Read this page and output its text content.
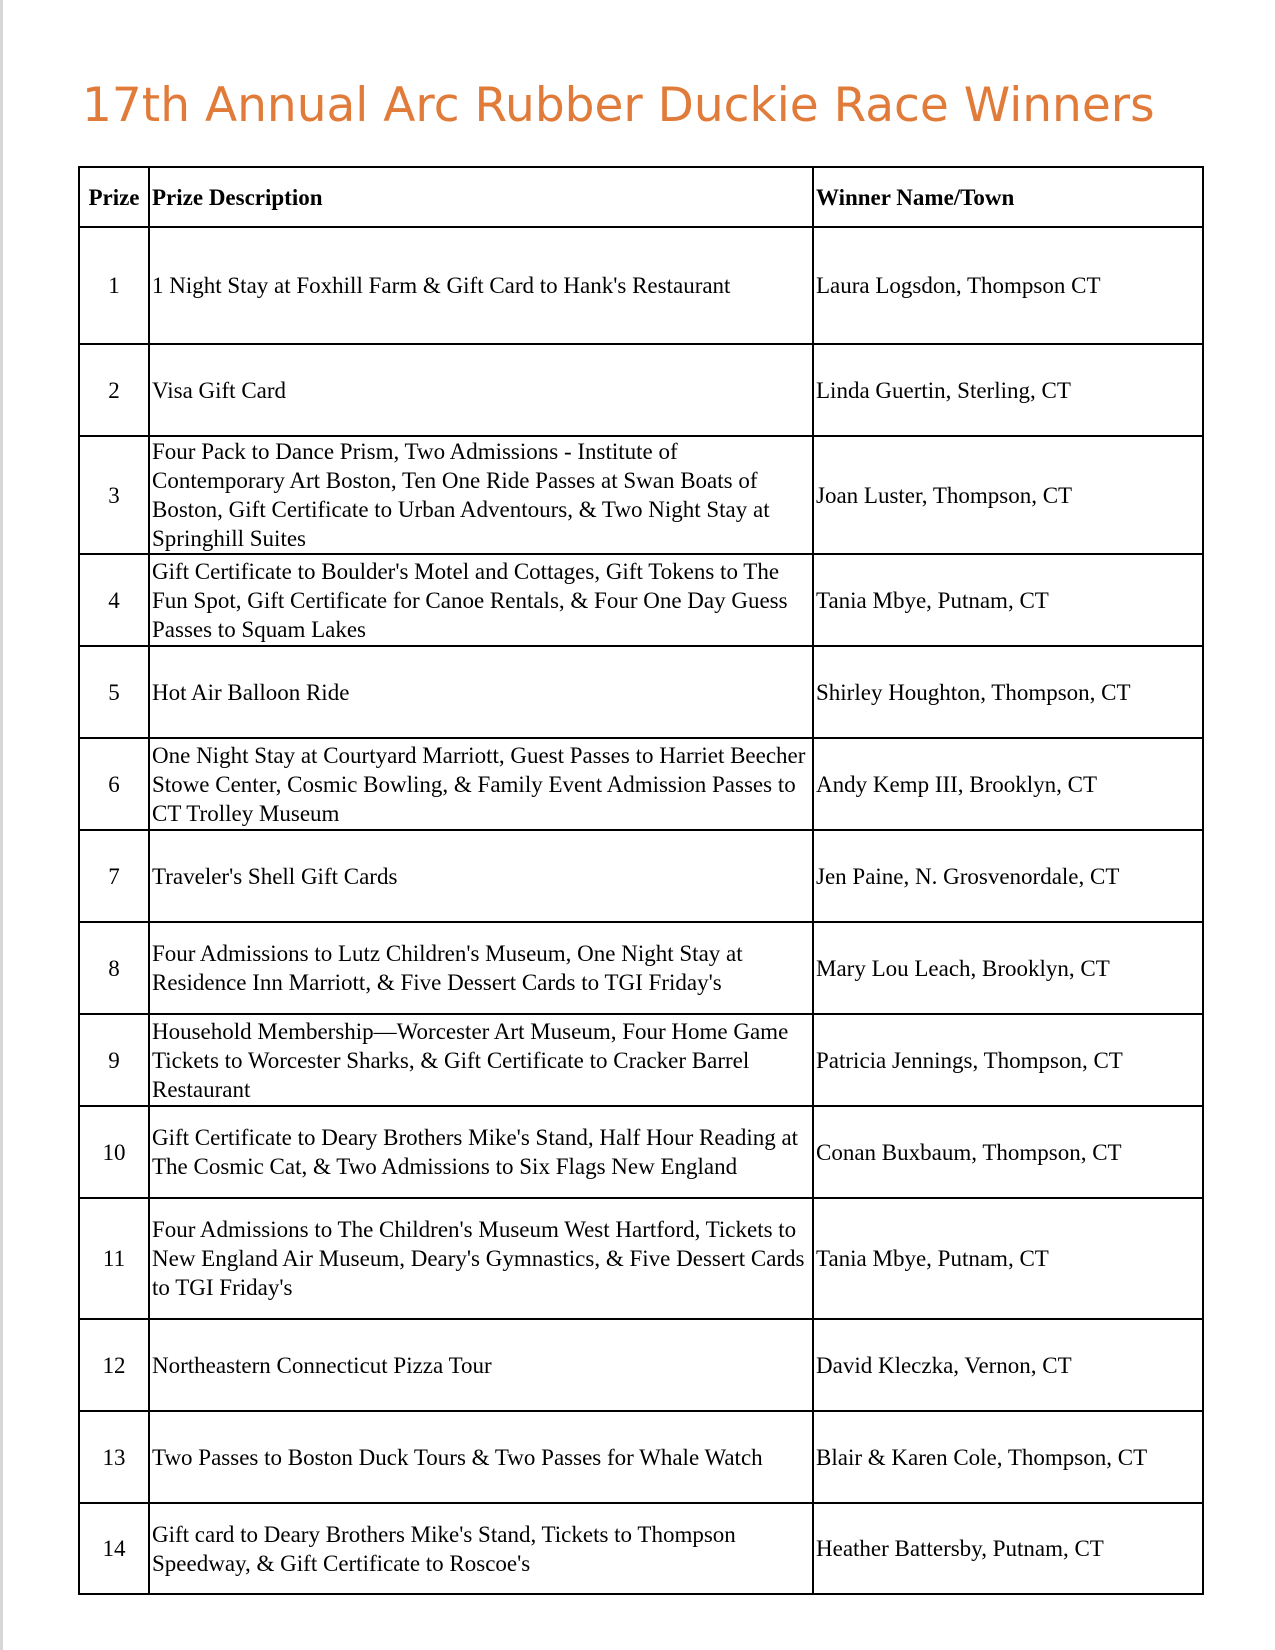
17th Annual Arc Rubber Duckie Race Winners
Prize	Prize Description	Winner Name/Town
1	1 Night Stay at Foxhill Farm & Gift Card to Hank's Restaurant	Laura Logsdon, Thompson CT
2	Visa Gift Card	Linda Guertin, Sterling, CT
3	Four Pack to Dance Prism, Two Admissions - Institute of Contemporary Art Boston, Ten One Ride Passes at Swan Boats of Boston, Gift Certificate to Urban Adventours, & Two Night Stay at Springhill Suites	Joan Luster, Thompson, CT
4	Gift Certificate to Boulder's Motel and Cottages, Gift Tokens to The Fun Spot, Gift Certificate for Canoe Rentals, & Four One Day Guess Passes to Squam Lakes	Tania Mbye, Putnam, CT
5	Hot Air Balloon Ride	Shirley Houghton, Thompson, CT
6	One Night Stay at Courtyard Marriott, Guest Passes to Harriet Beecher Stowe Center, Cosmic Bowling, & Family Event Admission Passes to CT Trolley Museum	Andy Kemp III, Brooklyn, CT
7	Traveler's Shell Gift Cards	Jen Paine, N. Grosvenordale, CT
8	Four Admissions to Lutz Children's Museum, One Night Stay at Residence Inn Marriott, & Five Dessert Cards to TGI Friday's	Mary Lou Leach, Brooklyn, CT
9	Household Membership—Worcester Art Museum, Four Home Game Tickets to Worcester Sharks, & Gift Certificate to Cracker Barrel Restaurant	Patricia Jennings, Thompson, CT
10	Gift Certificate to Deary Brothers Mike's Stand, Half Hour Reading at The Cosmic Cat, & Two Admissions to Six Flags New England	Conan Buxbaum, Thompson, CT
11	Four Admissions to The Children's Museum West Hartford, Tickets to New England Air Museum, Deary's Gymnastics, & Five Dessert Cards to TGI Friday's	Tania Mbye, Putnam, CT
12	Northeastern Connecticut Pizza Tour	David Kleczka, Vernon, CT
13	Two Passes to Boston Duck Tours & Two Passes for Whale Watch	Blair & Karen Cole, Thompson, CT
14	Gift card to Deary Brothers Mike's Stand, Tickets to Thompson Speedway, & Gift Certificate to Roscoe's	Heather Battersby, Putnam, CT
